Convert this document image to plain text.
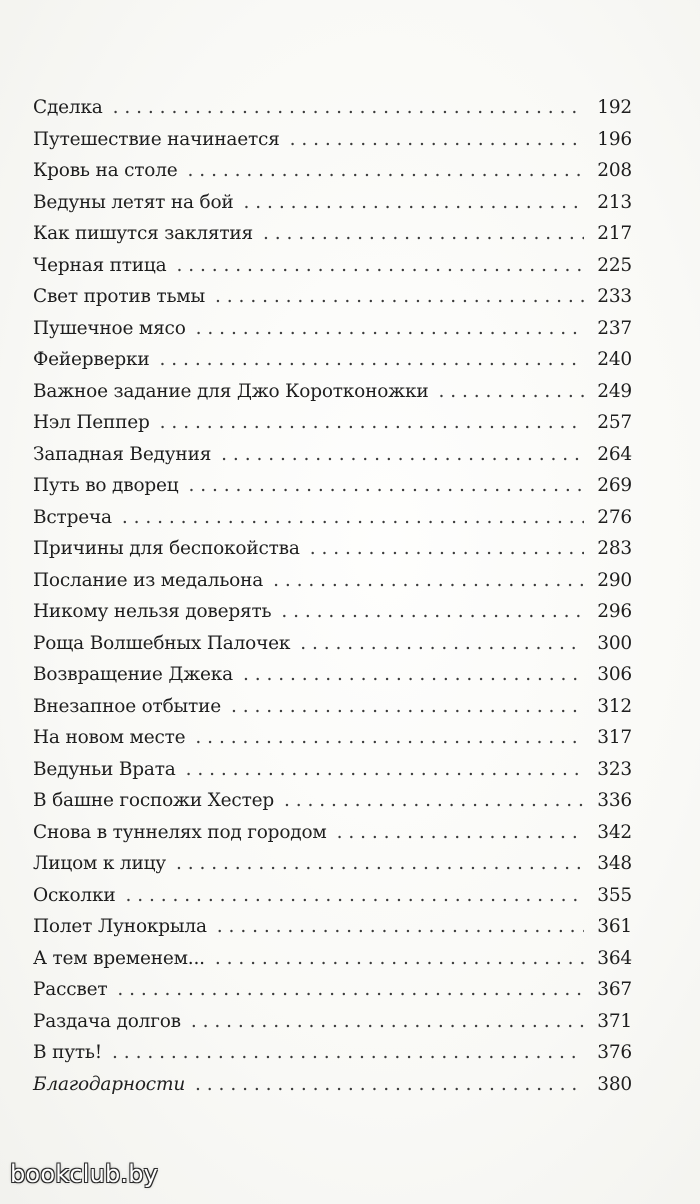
Сделка . . .	192
Путешествие начинается . . .	196
Кровь на столе . . .	208
Ведуны летят на бой . . .	213
Как пишутся заклятия . . .	217
Черная птица . . .	225
Свет против тьмы . . .	233
Пушечное мясо . . .	237
Фейерверки . . .	240
Важное задание для Джо Коротконожки . . .	249
Нэл Пеппер . . .	257
Западная Ведуния . . .	264
Путь во дворец . . .	269
Встреча . . .	276
Причины для беспокойства . . .	283
Послание из медальона . . .	290
Никому нельзя доверять . . .	296
Роща Волшебных Палочек . . .	300
Возвращение Джека . . .	306
Внезапное отбытие . . .	312
На новом месте . . .	317
Ведуньи Врата . . .	323
В башне госпожи Хестер . . .	336
Снова в туннелях под городом . . .	342
Лицом к лицу . . .	348
Осколки . . .	355
Полет Лунокрыла . . .	361
А тем временем... . . .	364
Рассвет . . .	367
Раздача долгов . . .	371
В путь! . . .	376
Благодарности . . .	380
bookclub.by
